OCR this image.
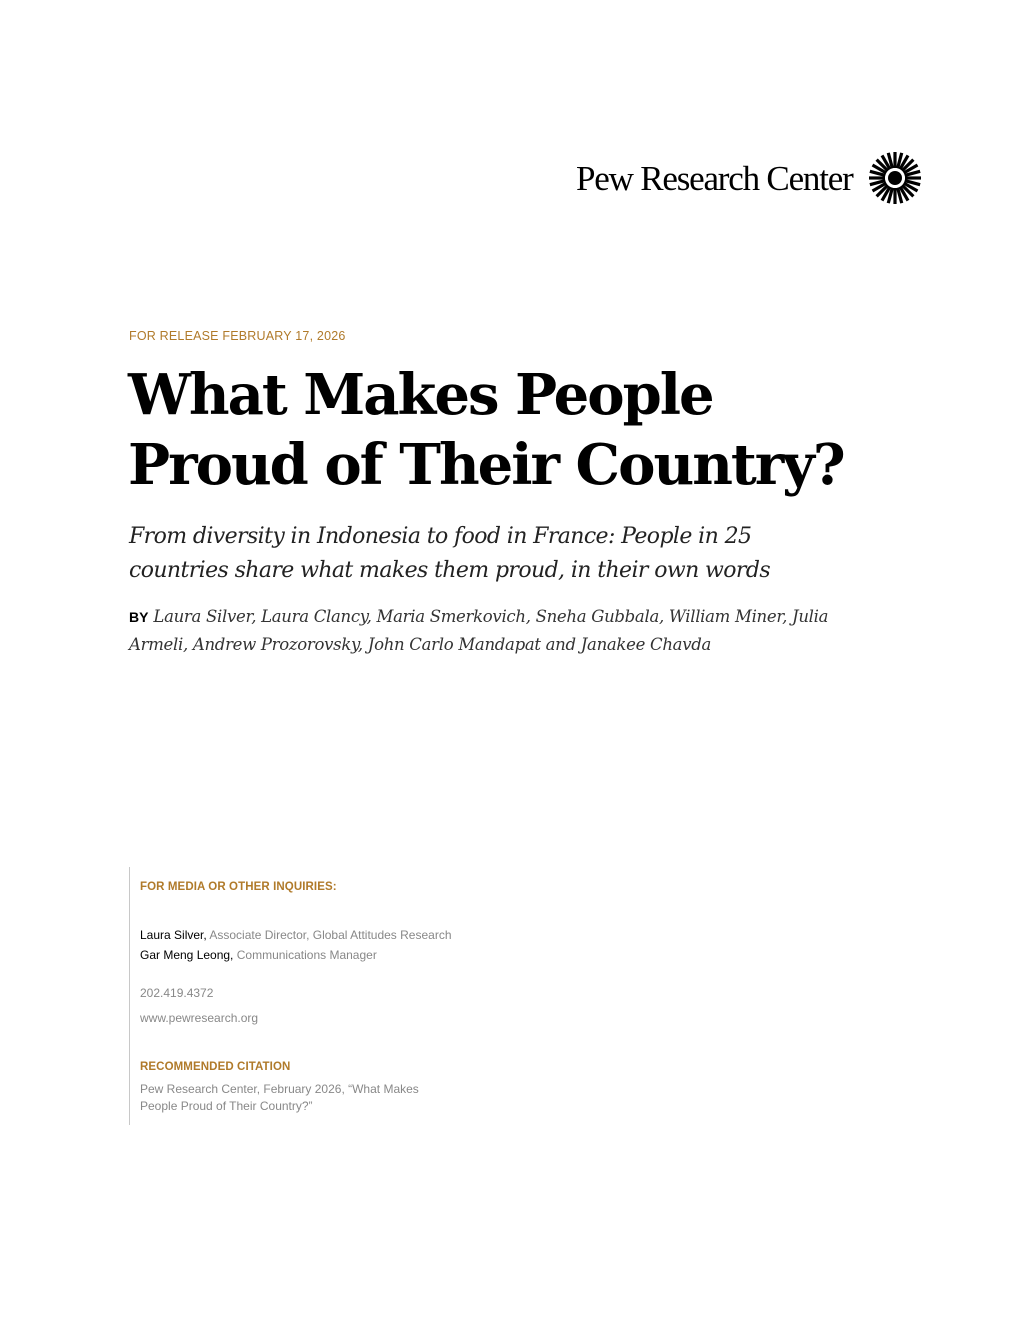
Pew Research Center
FOR RELEASE FEBRUARY 17, 2026
What Makes People
Proud of Their Country?

From diversity in Indonesia to food in France: People in 25
countries share what makes them proud, in their own words

BY Laura Silver, Laura Clancy, Maria Smerkovich, Sneha Gubbala, William Miner, Julia
Armeli, Andrew Prozorovsky, John Carlo Mandapat and Janakee Chavda

FOR MEDIA OR OTHER INQUIRIES:
Laura Silver, Associate Director, Global Attitudes Research
Gar Meng Leong, Communications Manager
202.419.4372
www.pewresearch.org
RECOMMENDED CITATION
Pew Research Center, February 2026, “What Makes
People Proud of Their Country?”
